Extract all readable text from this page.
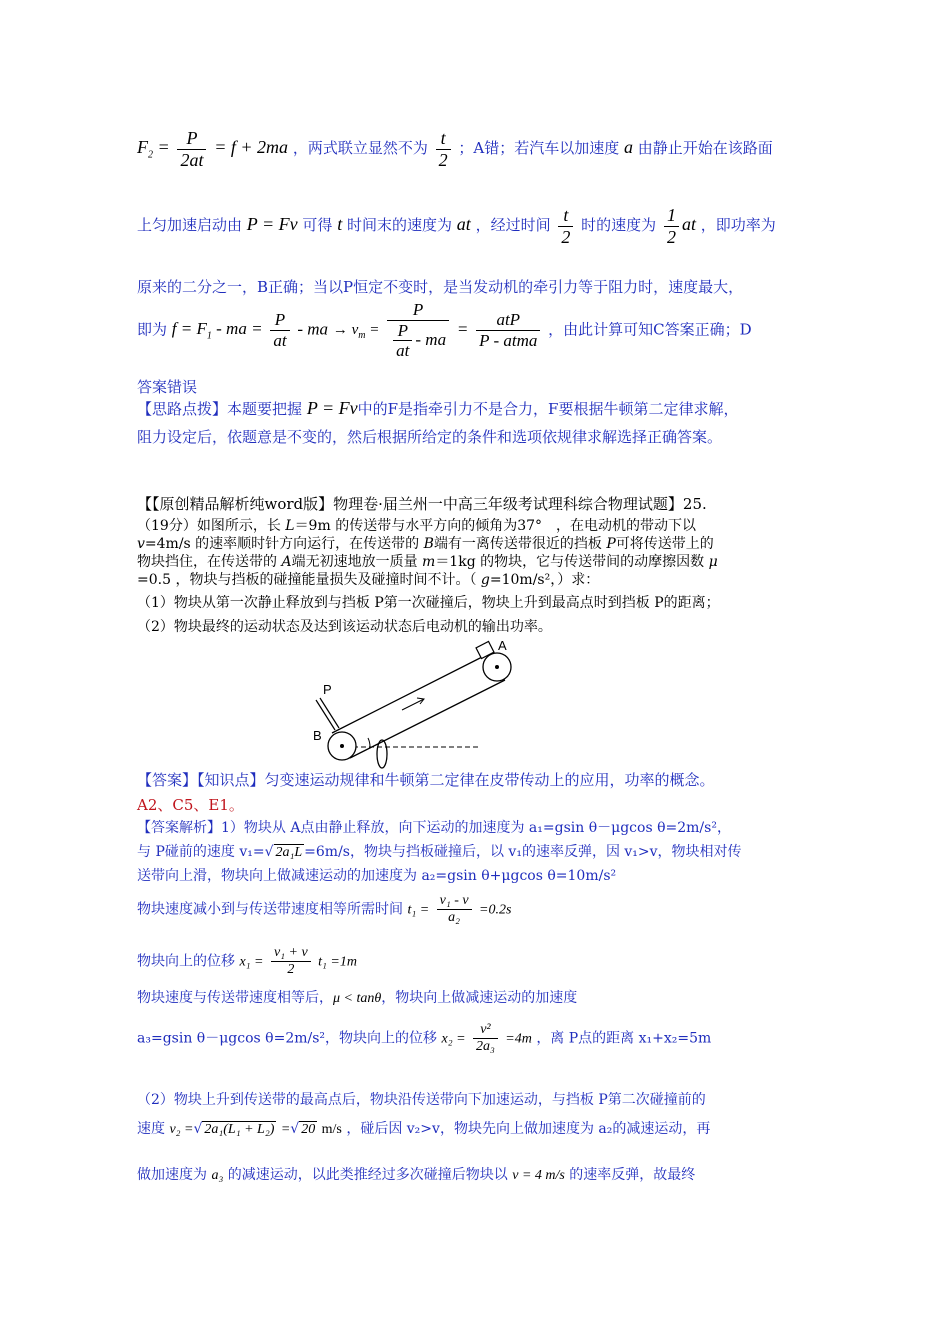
$F_2 = \frac{P}{2at} = f + 2ma$ ，两式联立显然不为 $\frac{t}{2}$ ；A错；若汽车以加速度 a 由静止开始在该路面
上匀加速启动由 P = Fv 可得 t 时间末的速度为 at ，经过时间 $\frac{t}{2}$ 时的速度为 $\frac{1}{2}$ at ，即功率为
原来的二分之一，B正确；当以P恒定不变时，是当发动机的牵引力等于阻力时，速度最大，
即为 $f = F_1$ - ma = $\frac{P}{at}$ - ma → $v_m = \frac{P}{\frac{P}{at} - ma} = \frac{\text{atP}}{\text{P - atma}}$ ，由此计算可知C答案正确；D
答案错误
【思路点拨】本题要把握 P = Fv中的F是指牵引力不是合力，F要根据牛顿第二定律求解，
阻力设定后，依题意是不变的，然后根据所给定的条件和选项依规律求解选择正确答案。
【【原创精品解析纯word版】物理卷·届兰州一中高三年级考试理科综合物理试题】25.
（19分）如图所示，长 L＝9m 的传送带与水平方向的倾角为37°　，在电动机的带动下以
v=4m/s 的速率顺时针方向运行，在传送带的 B端有一离传送带很近的挡板 P可将传送带上的
物块挡住，在传送带的 A端无初速地放一质量 m＝1kg 的物块，它与传送带间的动摩擦因数 μ
=0.5 ，物块与挡板的碰撞能量损失及碰撞时间不计。（ g=10m/s²，）求：
（1）物块从第一次静止释放到与挡板 P第一次碰撞后，物块上升到最高点时到挡板 P的距离；
（2）物块最终的运动状态及达到该运动状态后电动机的输出功率。
A
P
B
【答案】【知识点】匀变速运动规律和牛顿第二定律在皮带传动上的应用，功率的概念。
A2、C5、E1。
【答案解析】1）物块从 A点由静止释放，向下运动的加速度为 a₁=gsin θ－μgcos θ=2m/s²，
与 P碰前的速度 v₁=√ 2a₁L =6m/s，物块与挡板碰撞后，以 v₁的速率反弹，因 v₁>v，物块相对传
送带向上滑，物块向上做减速运动的加速度为 a₂=gsin θ+μgcos θ=10m/s²
物块速度减小到与传送带速度相等所需时间 $t_1 = \frac{\text{v₁ - v}}{\text{a₂}} =0.2s$
物块向上的位移 $x_1 = \frac{\text{v₁ + v}}{2} t_1 =1m$
物块速度与传送带速度相等后，μ < tanθ，物块向上做减速运动的加速度
a₃=gsin θ－μgcos θ=2m/s²，物块向上的位移 $x_2 = \frac{\text{v²}}{\text{2a₃}} =4m$ ，离 P点的距离 x₁+x₂=5m
（2）物块上升到传送带的最高点后，物块沿传送带向下加速运动，与挡板 P第二次碰撞前的
速度 v₂ =√ 2a₁(L₁ + L₂) =√ 20 m/s ，碰后因 v₂>v，物块先向上做加速度为 a₂的减速运动，再
做加速度为 a₃ 的减速运动，以此类推经过多次碰撞后物块以 v = 4 m/s 的速率反弹，故最终
